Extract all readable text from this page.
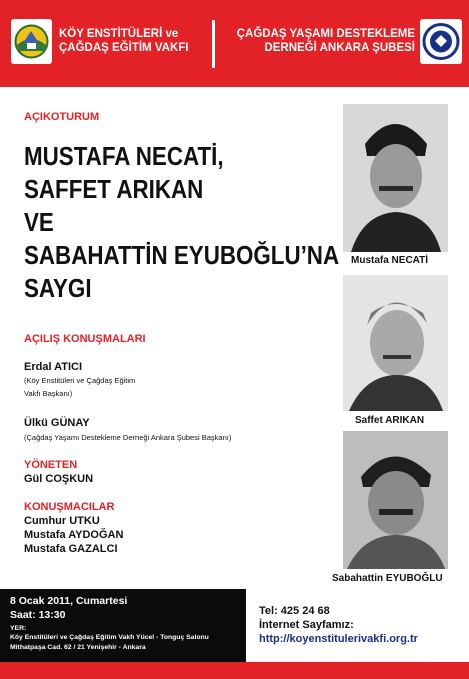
KÖY ENSTİTÜLERİ ve
ÇAĞDAŞ EĞİTİM VAKFI
ÇAĞDAŞ YAŞAMI DESTEKLEME
DERNEĞİ ANKARA ŞUBESİ
AÇIKOTURUM
MUSTAFA NECATİ,
SAFFET ARIKAN
VE
SABAHATTİN EYUBOĞLU’NA
SAYGI
AÇILIŞ KONUŞMALARI
Erdal ATICI
(Köy Enstitüleri ve Çağdaş Eğitim
Vakfı Başkanı)
Ülkü GÜNAY
(Çağdaş Yaşamı Destekleme Derneği Ankara Şubesi Başkanı)
YÖNETEN
Gül COŞKUN
KONUŞMACILAR
Cumhur UTKU
Mustafa AYDOĞAN
Mustafa GAZALCI
Mustafa NECATİ
Saffet ARIKAN
Sabahattin EYUBOĞLU
8 Ocak 2011, Cumartesi
Saat: 13:30
YER:
Köy Enstitüleri ve Çağdaş Eğitim Vakfı Yücel - Tonguç Salonu
Mithatpaşa Cad. 62 / 21 Yenişehir - Ankara
Tel: 425 24 68
İnternet Sayfamız:
http://koyenstitulerivakfi.org.tr
